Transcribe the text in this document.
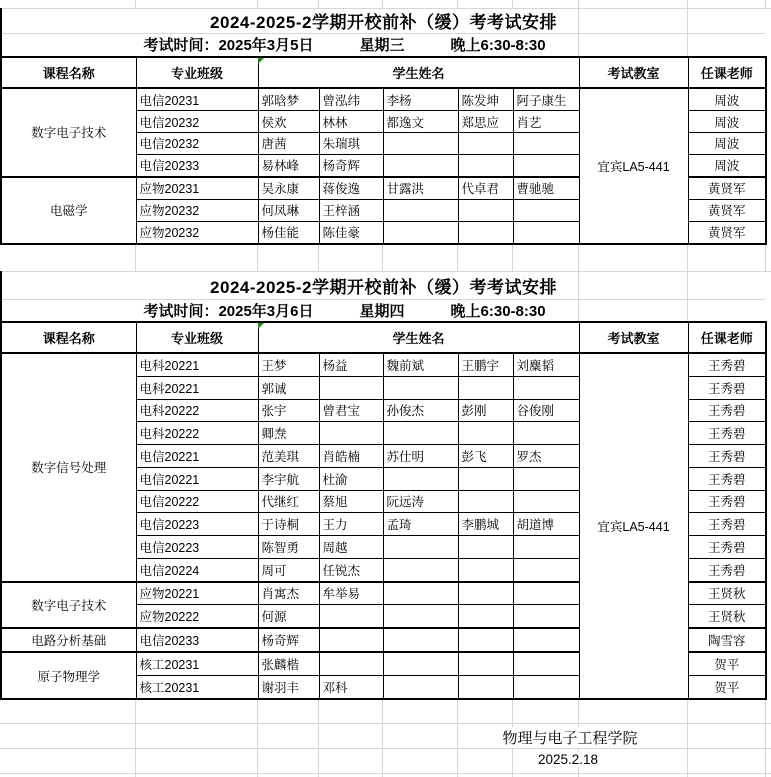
2024-2025-2学期开校前补（缓）考考试安排
考试时间：2025年3月5日	星期三	晚上6:30-8:30
课程名称	专业班级	学生姓名					考试教室	任课老师
数字电子技术	电信20231	郭晗梦	曾泓纬	李杨	陈发坤	阿子康生	宜宾LA5-441	周波
	电信20232	侯欢	林林	都逸文	郑思应	肖艺		周波
	电信20232	唐茜	朱瑞琪					周波
	电信20233	易林峰	杨奇辉					周波
电磁学	应物20231	吴永康	蒋俊逸	甘露洪	代卓君	曹驰驰		黄贤军
	应物20232	何凤琳	王梓涵					黄贤军
	应物20232	杨佳能	陈佳豪					黄贤军
2024-2025-2学期开校前补（缓）考考试安排
考试时间：2025年3月6日	星期四	晚上6:30-8:30
课程名称	专业班级	学生姓名					考试教室	任课老师
数字信号处理	电科20221	王梦	杨益	魏前斌	王鹏宇	刘麋韬	宜宾LA5-441	王秀碧
	电科20221	郭诚						王秀碧
	电科20222	张宇	曾君宝	孙俊杰	彭刚	谷俊刚		王秀碧
	电科20222	卿焘						王秀碧
	电信20221	范美琪	肖皓楠	苏仕明	彭飞	罗杰		王秀碧
	电信20221	李宇航	杜渝					王秀碧
	电信20222	代继红	蔡旭	阮远涛				王秀碧
	电信20223	于诗桐	王力	孟琦	李鹏城	胡道博		王秀碧
	电信20223	陈智勇	周越					王秀碧
	电信20224	周可	任锐杰					王秀碧
数字电子技术	应物20221	肖寓杰	牟举易					王贤秋
	应物20222	何源						王贤秋
电路分析基础	电信20233	杨奇辉						陶雪容
原子物理学	核工20231	张麟楷						贺平
	核工20231	谢羽丰	邓科					贺平
物理与电子工程学院
2025.2.18
